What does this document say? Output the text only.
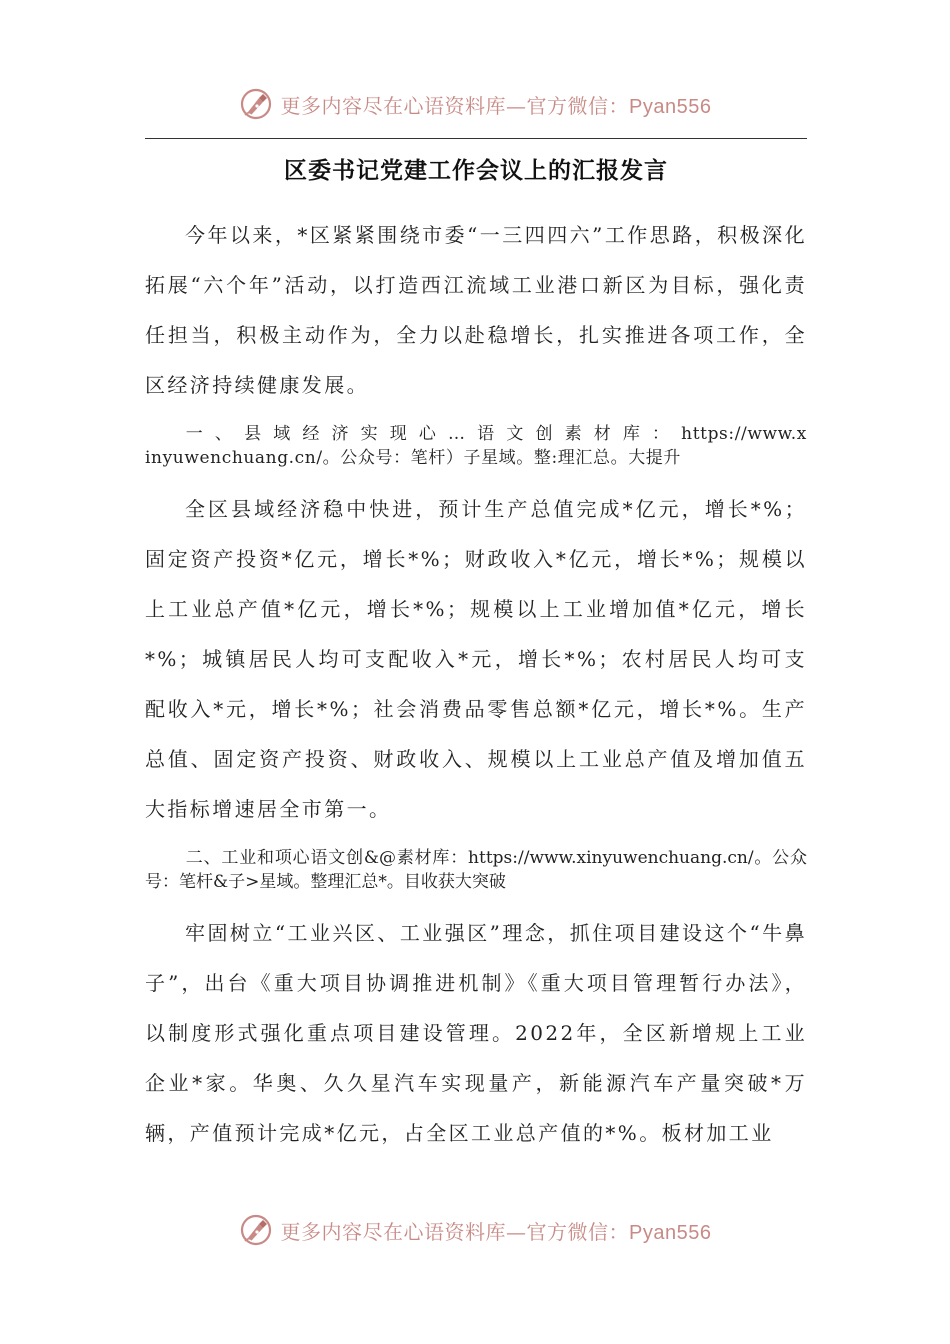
更多内容尽在心语资料库—官方微信：Pyan556
区委书记党建工作会议上的汇报发言

今年以来，*区紧紧围绕市委“一三四四六”工作思路，积极深化拓展“六个年”活动，以打造西江流域工业港口新区为目标，强化责任担当，积极主动作为，全力以赴稳增长，扎实推进各项工作，全区经济持续健康发展。

一、县域经济实现心…语文创素材库：https://www.xinyuwenchuang.cn/。公众号：笔杆）子星域。整:理汇总。大提升

全区县域经济稳中快进，预计生产总值完成*亿元，增长*%；固定资产投资*亿元，增长*%；财政收入*亿元，增长*%；规模以上工业总产值*亿元，增长*%；规模以上工业增加值*亿元，增长*%；城镇居民人均可支配收入*元，增长*%；农村居民人均可支配收入*元，增长*%；社会消费品零售总额*亿元，增长*%。生产总值、固定资产投资、财政收入、规模以上工业总产值及增加值五大指标增速居全市第一。

二、工业和项心语文创&@素材库：https://www.xinyuwenchuang.cn/。公众号：笔杆&子>星域。整理汇总*。目收获大突破

牢固树立“工业兴区、工业强区”理念，抓住项目建设这个“牛鼻子”，出台《重大项目协调推进机制》《重大项目管理暂行办法》，以制度形式强化重点项目建设管理。2022年，全区新增规上工业企业*家。华奥、久久星汽车实现量产，新能源汽车产量突破*万辆，产值预计完成*亿元，占全区工业总产值的*%。板材加工业

更多内容尽在心语资料库—官方微信：Pyan556
